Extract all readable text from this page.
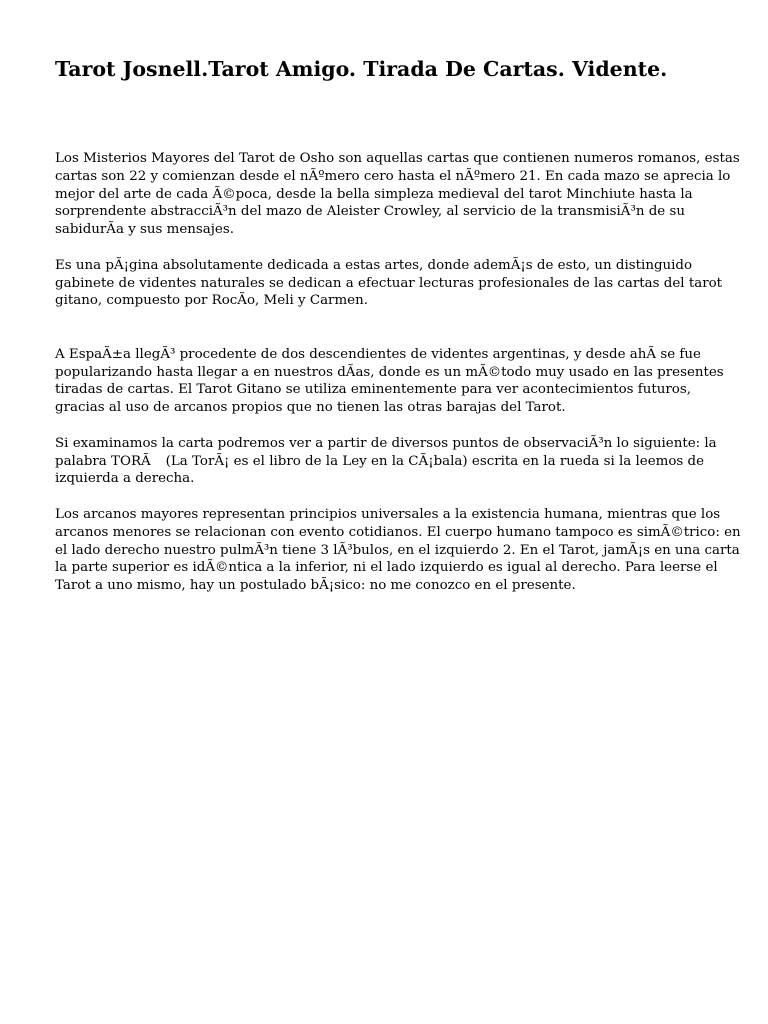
Tarot Josnell.Tarot Amigo. Tirada De Cartas. Vidente.

Los Misterios Mayores del Tarot de Osho son aquellas cartas que contienen numeros romanos, estas
cartas son 22 y comienzan desde el nÃºmero cero hasta el nÃºmero 21. En cada mazo se aprecia lo
mejor del arte de cada Ã©poca, desde la bella simpleza medieval del tarot Minchiute hasta la
sorprendente abstracciÃ³n del mazo de Aleister Crowley, al servicio de la transmisiÃ³n de su
sabidurÃa y sus mensajes.

Es una pÃ¡gina absolutamente dedicada a estas artes, donde ademÃ¡s de esto, un distinguido
gabinete de videntes naturales se dedican a efectuar lecturas profesionales de las cartas del tarot
gitano, compuesto por RocÃo, Meli y Carmen.

A EspaÃ±a llegÃ³ procedente de dos descendientes de videntes argentinas, y desde ahÃ se fue
popularizando hasta llegar a en nuestros dÃas, donde es un mÃ©todo muy usado en las presentes
tiradas de cartas. El Tarot Gitano se utiliza eminentemente para ver acontecimientos futuros,
gracias al uso de arcanos propios que no tienen las otras barajas del Tarot.

Si examinamos la carta podremos ver a partir de diversos puntos de observaciÃ³n lo siguiente: la
palabra TORÃ (La TorÃ¡ es el libro de la Ley en la CÃ¡bala) escrita en la rueda si la leemos de
izquierda a derecha.

Los arcanos mayores representan principios universales a la existencia humana, mientras que los
arcanos menores se relacionan con evento cotidianos. El cuerpo humano tampoco es simÃ©trico: en
el lado derecho nuestro pulmÃ³n tiene 3 lÃ³bulos, en el izquierdo 2. En el Tarot, jamÃ¡s en una carta
la parte superior es idÃ©ntica a la inferior, ni el lado izquierdo es igual al derecho. Para leerse el
Tarot a uno mismo, hay un postulado bÃ¡sico: no me conozco en el presente.
